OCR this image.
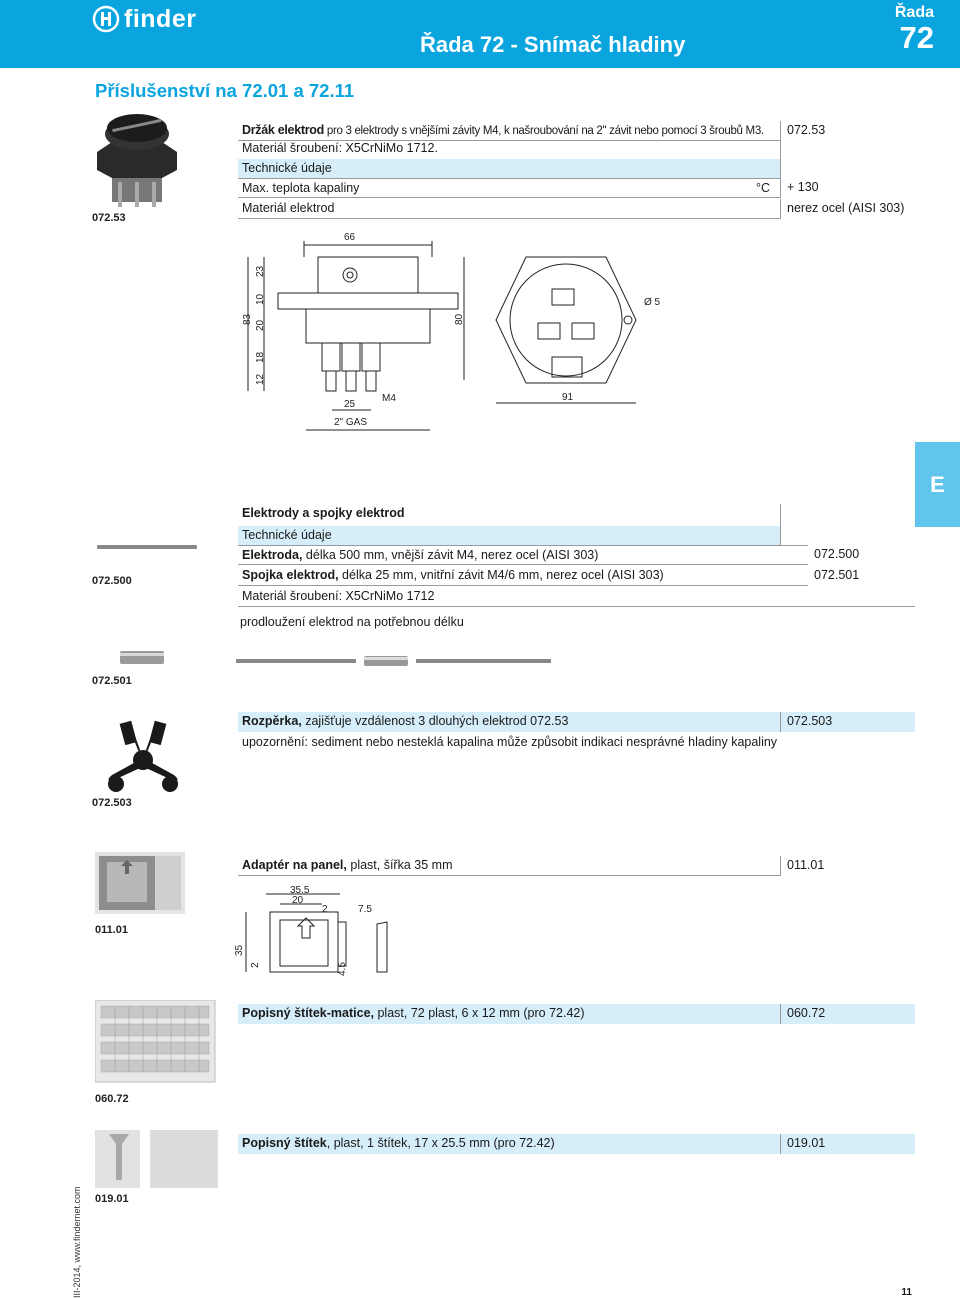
finder
Řada 72 - Snímač hladiny
Řada
72
Příslušenství na 72.01 a 72.11
E
072.53
Držák elektrod pro 3 elektrody s vnějšími závity M4, k našroubování na 2" závit nebo pomocí 3 šroubů M3.	072.53
Materiál šroubení: X5CrNiMo 1712.
Technické údaje
Max. teplota kapaliny	°C	+ 130
Materiál elektrod	nerez ocel (AISI 303)
66
83
23
10
20
18
12
25
M4
2" GAS
80
Ø 5
91
072.500
Elektrody a spojky elektrod
Technické údaje
Elektroda, délka 500 mm, vnější závit M4, nerez ocel (AISI 303)	072.500
Spojka elektrod, délka 25 mm, vnitřní závit M4/6 mm, nerez ocel (AISI 303)	072.501
Materiál šroubení: X5CrNiMo 1712
prodloužení elektrod na potřebnou délku
072.501
072.503
Rozpěrka, zajišťuje vzdálenost 3 dlouhých elektrod 072.53	072.503
upozornění: sediment nebo nesteklá kapalina může způsobit indikaci nesprávné hladiny kapaliny
011.01
Adaptér na panel, plast, šířka 35 mm	011.01
35.5
20
2	7.5
35
2	4.5
060.72
Popisný štítek-matice, plast, 72 plast, 6 x 12 mm (pro 72.42)	060.72
019.01
Popisný štítek, plast, 1 štítek, 17 x 25.5 mm (pro 72.42)	019.01
III-2014, www.findernet.com	11
